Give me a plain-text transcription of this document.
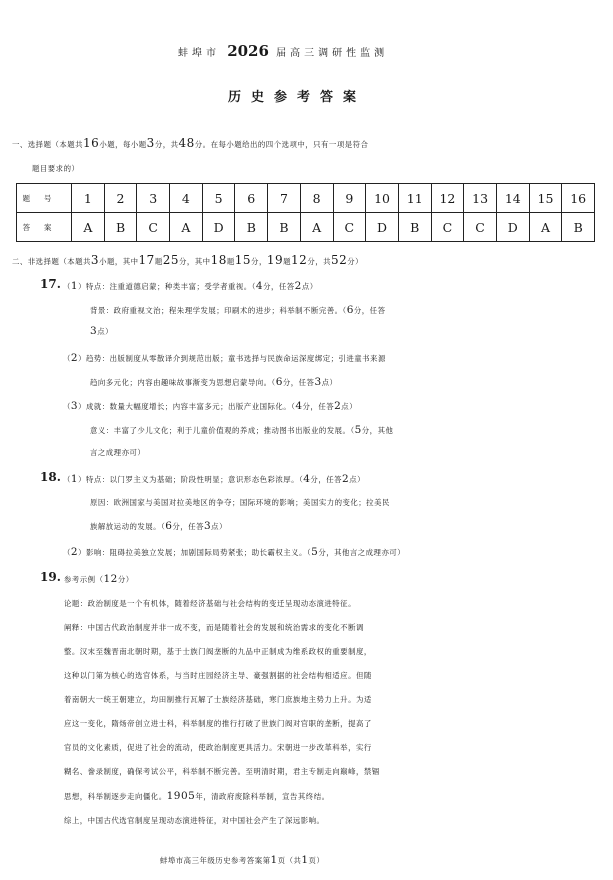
蚌埠市 2026 届高三调研性监测
历史参考答案
一、选择题（本题共16小题，每小题3分，共48分。在每小题给出的四个选项中，只有一项是符合
题目要求的）
题号	1	2	3	4	5	6	7	8	9	10	11	12	13	14	15	16
答案	A	B	C	A	D	B	B	A	C	D	B	C	C	D	A	B
二、非选择题（本题共3小题，其中17题25分，其中18题15分，19题12分，共52分）
17. （1）特点：注重道德启蒙；种类丰富；受学者重视。（4分，任答2点）
背景：政府重视文治；程朱理学发展；印刷术的进步；科举制不断完善。（6分，任答
3点）
（2）趋势：出版制度从零散译介到规范出版；童书选择与民族命运深度绑定；引进童书来源
趋向多元化；内容由趣味故事渐变为思想启蒙导向。（6分，任答3点）
（3）成就：数量大幅度增长；内容丰富多元；出版产业国际化。（4分，任答2点）
意义：丰富了少儿文化；利于儿童价值观的养成；推动图书出版业的发展。（5分，其他
言之成理亦可）
18. （1）特点：以门罗主义为基础；阶段性明显；意识形态色彩浓厚。（4分，任答2点）
原因：欧洲国家与美国对拉美地区的争夺；国际环境的影响；美国实力的变化；拉美民
族解放运动的发展。（6分，任答3点）
（2）影响：阻碍拉美独立发展；加剧国际局势紧张；助长霸权主义。（5分，其他言之成理亦可）
19. 参考示例（12分）
论题：政治制度是一个有机体，随着经济基础与社会结构的变迁呈现动态演进特征。
阐释：中国古代政治制度并非一成不变，而是随着社会的发展和统治需求的变化不断调
整。汉末至魏晋南北朝时期，基于士族门阀垄断的九品中正制成为维系政权的重要制度，
这种以门第为核心的选官体系，与当时庄园经济主导、豪强割据的社会结构相适应。但随
着南朝大一统王朝建立，均田制推行瓦解了士族经济基础，寒门庶族地主势力上升。为适
应这一变化，隋炀帝创立进士科，科举制度的推行打破了世族门阀对官职的垄断，提高了
官员的文化素质，促进了社会的流动，使政治制度更具活力。宋朝进一步改革科举，实行
糊名、誊录制度，确保考试公平，科举制不断完善。至明清时期，君主专制走向巅峰，禁锢
思想，科举制逐步走向僵化。1905年，清政府废除科举制，宣告其终结。
综上，中国古代选官制度呈现动态演进特征，对中国社会产生了深远影响。
蚌埠市高三年级历史参考答案第1页（共1页）
